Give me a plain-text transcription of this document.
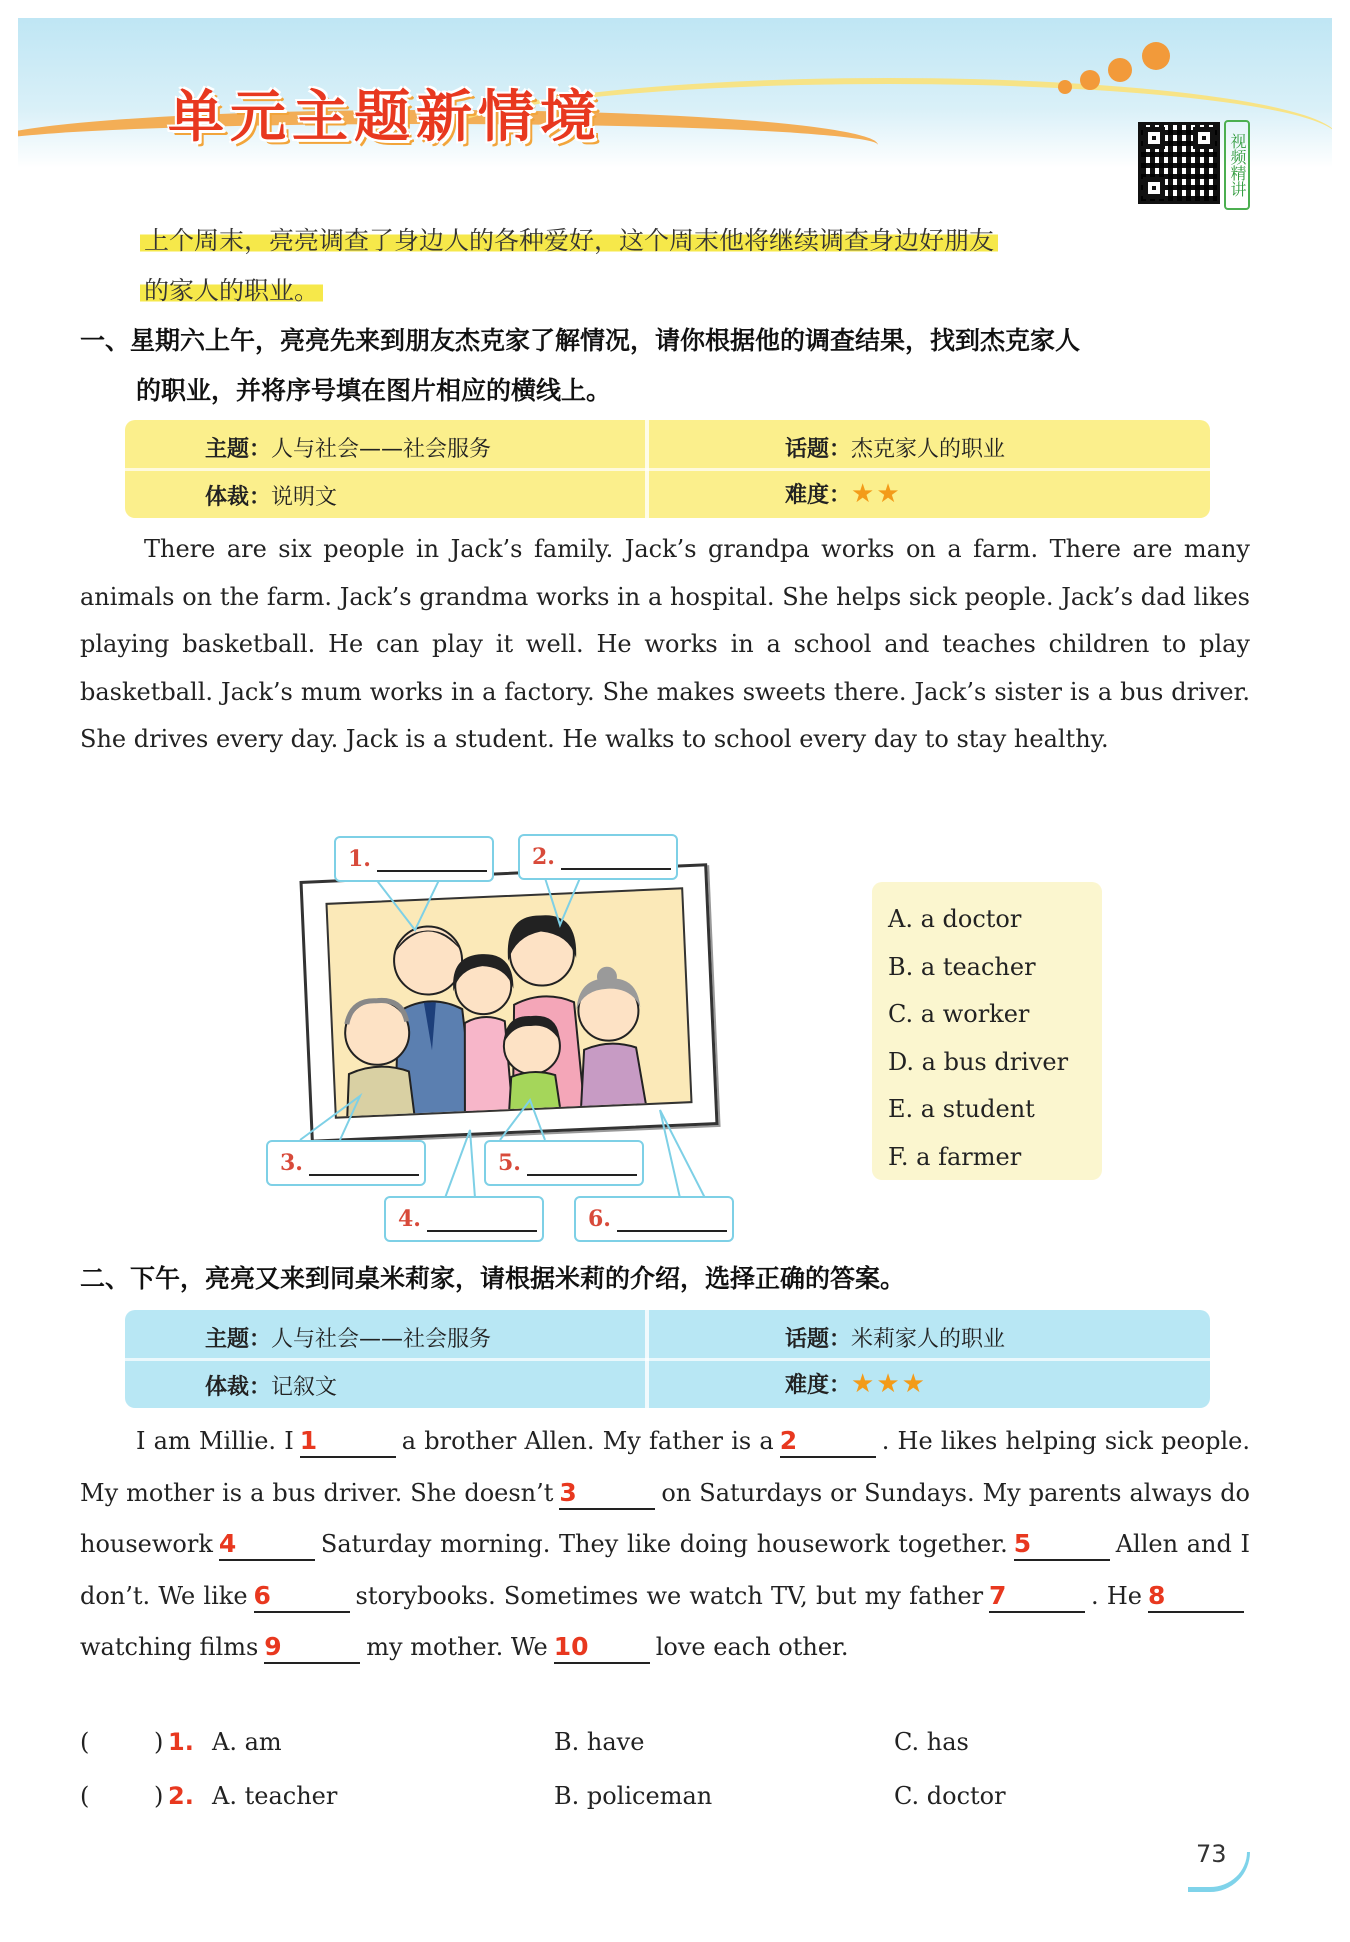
单元主题新情境
视频精讲
上个周末，亮亮调查了身边人的各种爱好，这个周末他将继续调查身边好朋友
的家人的职业。
一、星期六上午，亮亮先来到朋友杰克家了解情况，请你根据他的调查结果，找到杰克家人
的职业，并将序号填在图片相应的横线上。
主题：人与社会——社会服务	话题：杰克家人的职业
体裁：说明文	难度：★★

There are six people in Jack’s family. Jack’s grandpa works on a farm. There are many animals on the farm. Jack’s grandma works in a hospital. She helps sick people. Jack’s dad likes playing basketball. He can play it well. He works in a school and teaches children to play basketball. Jack’s mum works in a factory. She makes sweets there. Jack’s sister is a bus driver. She drives every day. Jack is a student. He walks to school every day to stay healthy.

1.	2.
3.
4.
5.
6.
A. a doctor
B. a teacher
C. a worker
D. a bus driver
E. a student
F. a farmer
二、下午，亮亮又来到同桌米莉家，请根据米莉的介绍，选择正确的答案。
主题：人与社会——社会服务	话题：米莉家人的职业
体裁：记叙文	难度：★★★

I am Millie. I 1	a brother Allen. My father is a 2	. He likes helping sick people. My mother is a bus driver. She doesn’t 3	on Saturdays or Sundays. My parents always do housework 4	Saturday morning. They like doing housework together. 5	Allen and I don’t. We like 6	storybooks. Sometimes we watch TV, but my father 7	. He 8watching films 9	my mother. We 10	love each other.

(	) 1. A. am	B. have	C. has
(	) 2. A. teacher	B. policeman	C. doctor
73
